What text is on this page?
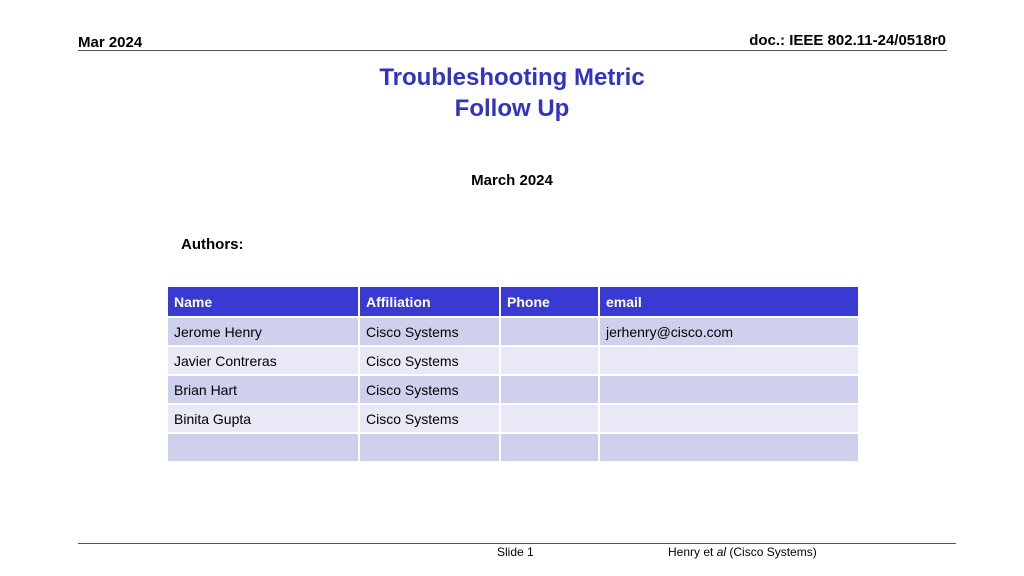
Mar 2024	doc.: IEEE 802.11-24/0518r0
Troubleshooting Metric
Follow Up
March 2024
Authors:
Name	Affiliation	Phone	email
Jerome Henry	Cisco Systems		jerhenry@cisco.com
Javier Contreras	Cisco Systems		
Brian Hart	Cisco Systems		
Binita Gupta	Cisco Systems		

Slide 1	Henry et al (Cisco Systems)
